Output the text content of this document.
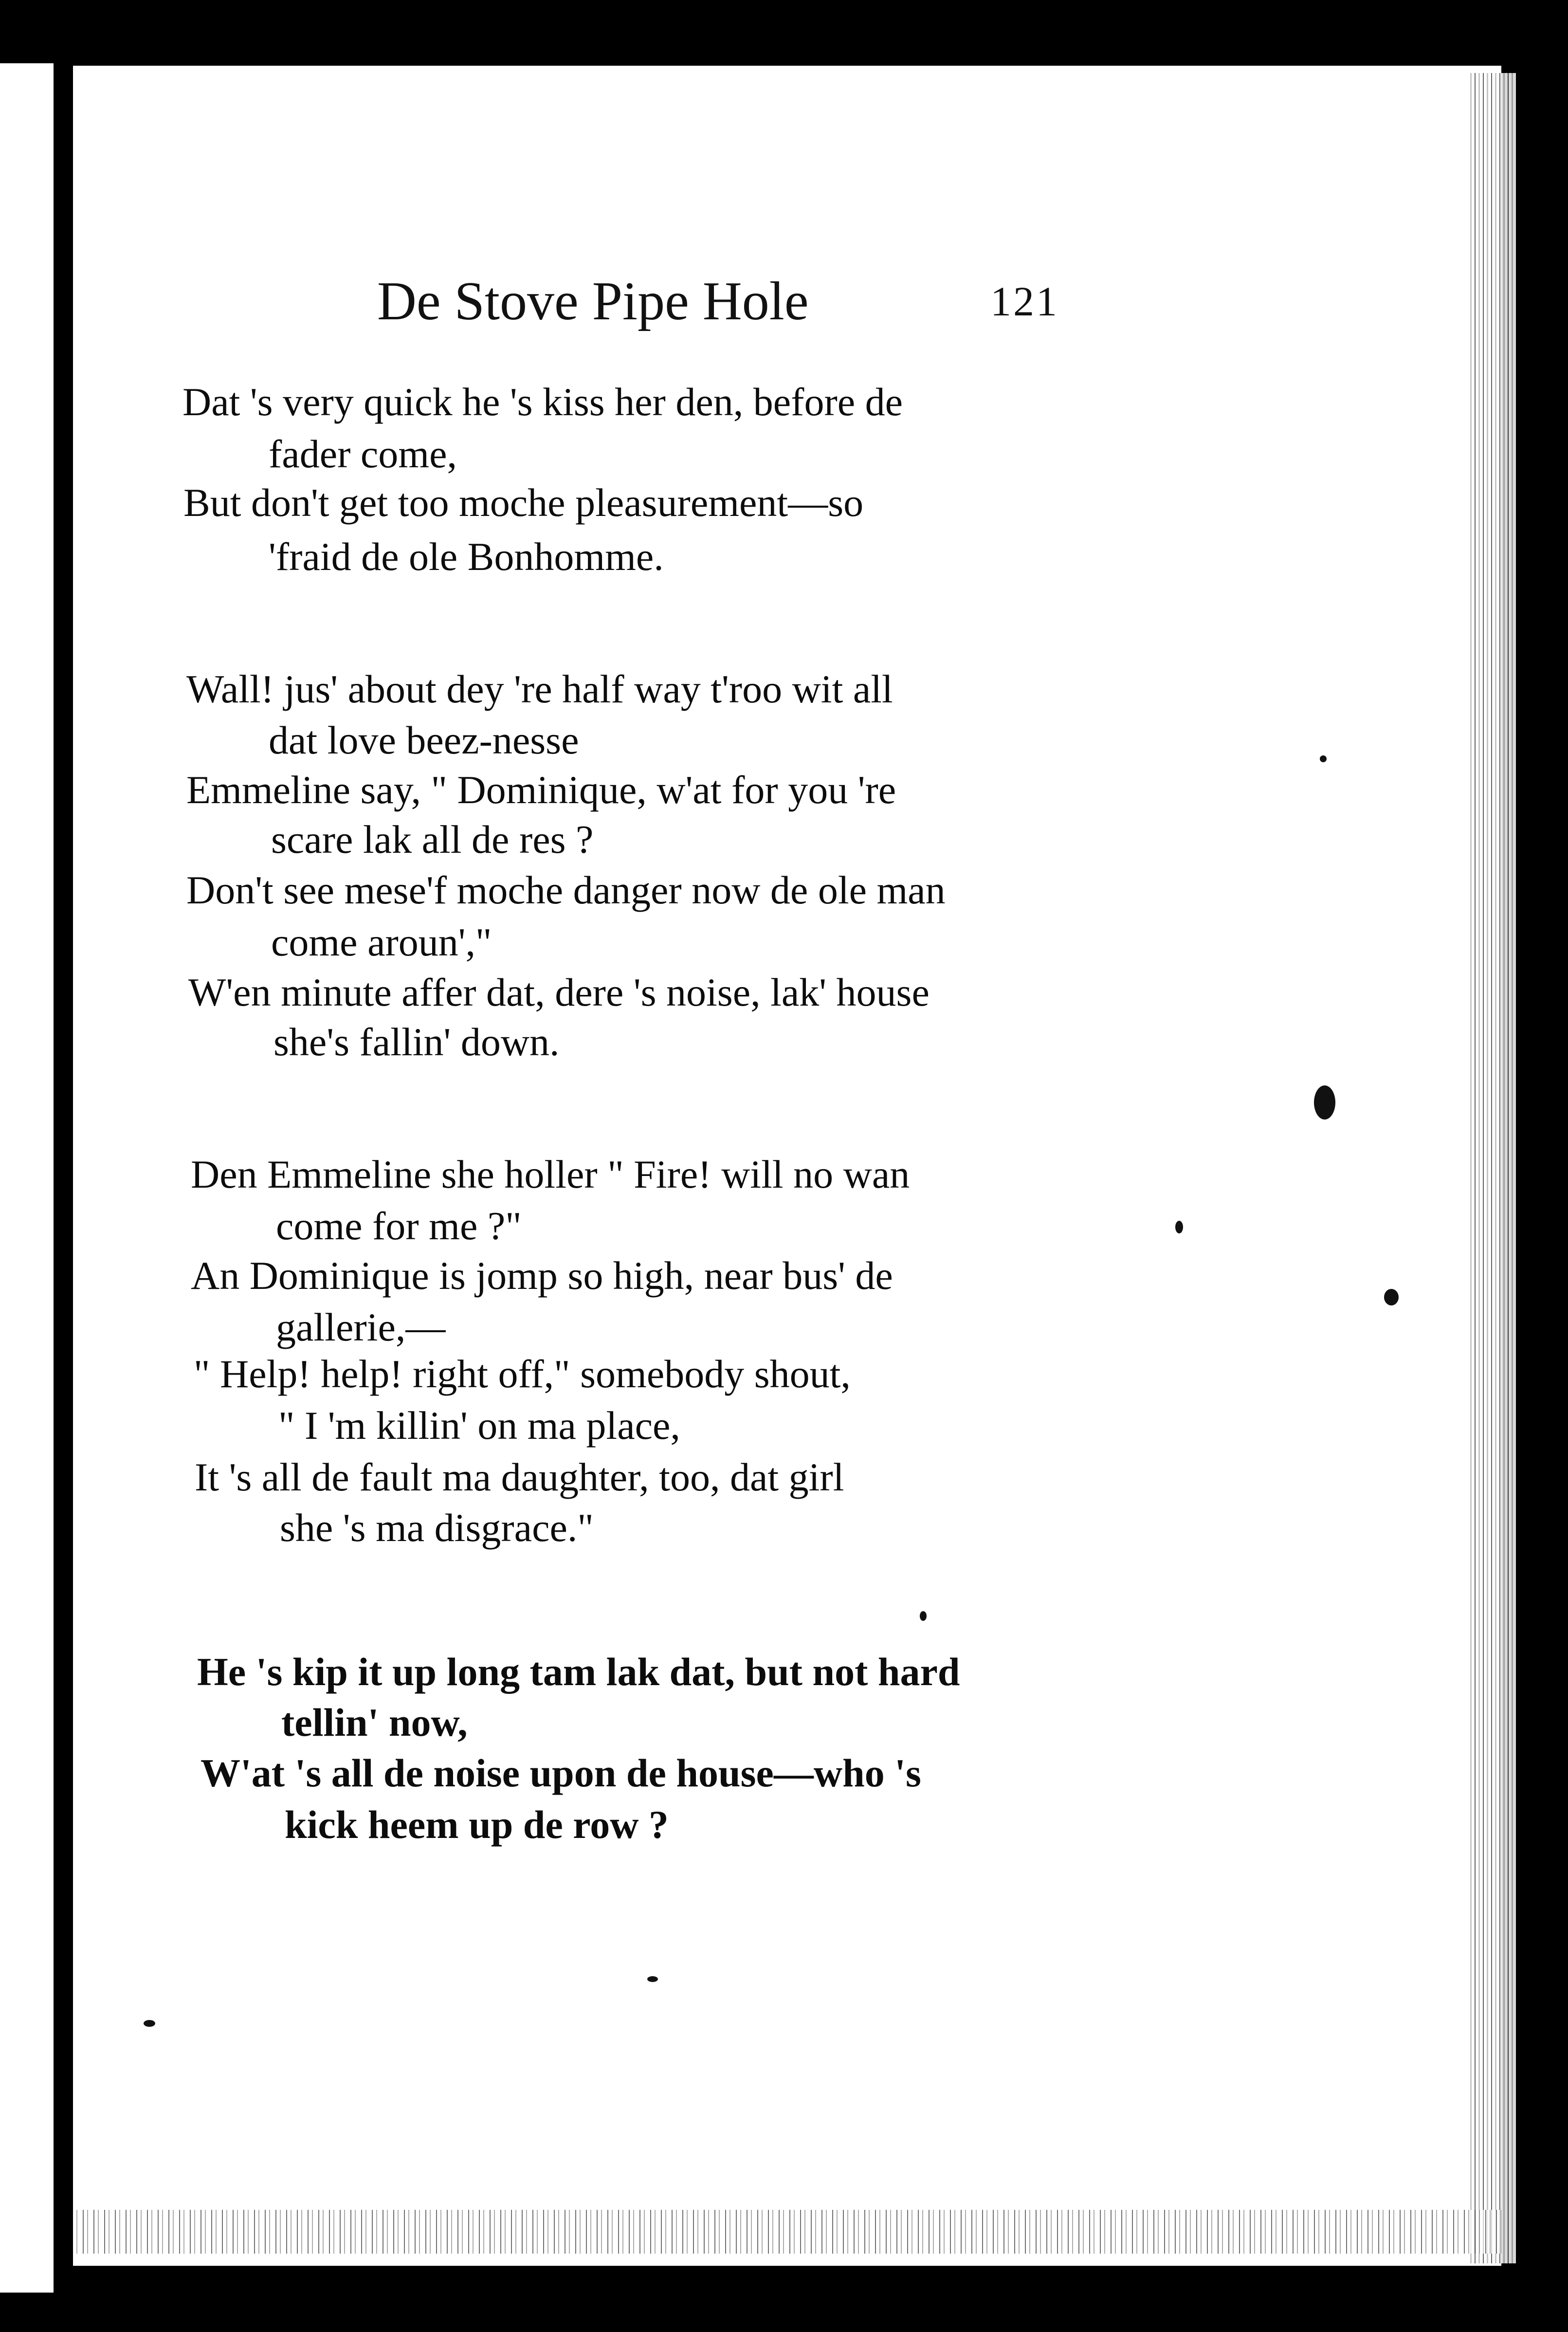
De Stove Pipe Hole	121
Dat 's very quick he 's kiss her den, before de
fader come,
But don't get too moche pleasurement—so
'fraid de ole Bonhomme.
Wall! jus' about dey 're half way t'roo wit all
dat love beez-nesse
Emmeline say, " Dominique, w'at for you 're
scare lak all de res ?
Don't see mese'f moche danger now de ole man
come aroun',"
W'en minute affer dat, dere 's noise, lak' house
she's fallin' down.
Den Emmeline she holler " Fire! will no wan
come for me ?"
An Dominique is jomp so high, near bus' de
gallerie,—
" Help! help! right off," somebody shout,
" I 'm killin' on ma place,
It 's all de fault ma daughter, too, dat girl
she 's ma disgrace."
He 's kip it up long tam lak dat, but not hard
tellin' now,
W'at 's all de noise upon de house—who 's
kick heem up de row ?
